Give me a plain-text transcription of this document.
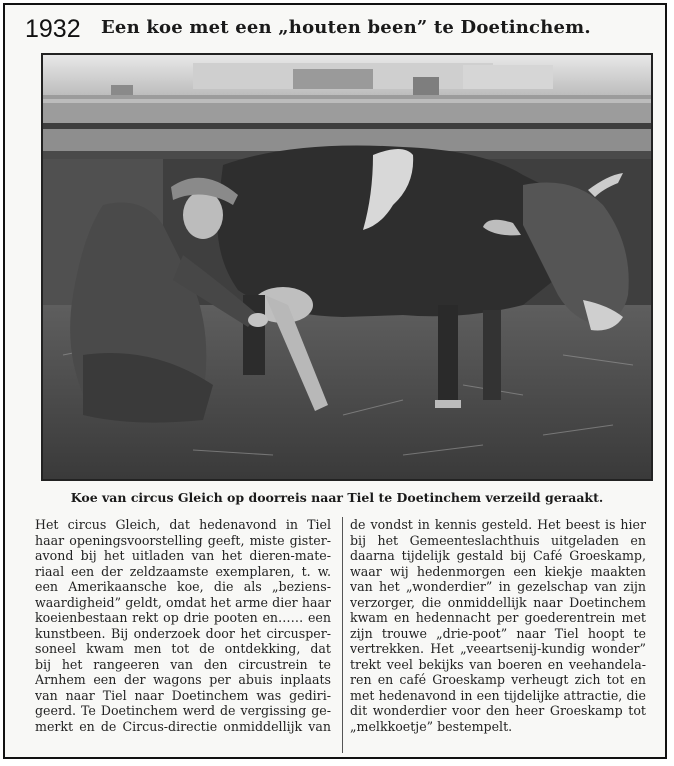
1932 Een koe met een „houten been” te Doetinchem.
Koe van circus Gleich op doorreis naar Tiel te Doetinchem verzeild geraakt.
Het circus Gleich, dat hedenavond in Tiel
haar openingsvoorstelling geeft, miste gister-
avond bij het uitladen van het dieren-mate-
riaal een der zeldzaamste exemplaren, t. w.
een Amerikaansche koe, die als „beziens-
waardigheid” geldt, omdat het arme dier haar
koeienbestaan rekt op drie pooten en…… een
kunstbeen. Bij onderzoek door het circusper-
soneel kwam men tot de ontdekking, dat
bij het rangeeren van den circustrein te
Arnhem een der wagons per abuis inplaats
van naar Tiel naar Doetinchem was gediri-
geerd. Te Doetinchem werd de vergissing ge-
merkt en de Circus-directie onmiddellijk van
de vondst in kennis gesteld. Het beest is hier
bij het Gemeenteslachthuis uitgeladen en
daarna tijdelijk gestald bij Café Groeskamp,
waar wij hedenmorgen een kiekje maakten
van het „wonderdier” in gezelschap van zijn
verzorger, die onmiddellijk naar Doetinchem
kwam en hedennacht per goederentrein met
zijn trouwe „drie-poot” naar Tiel hoopt te
vertrekken. Het „veeartsenij-kundig wonder”
trekt veel bekijks van boeren en veehandela-
ren en café Groeskamp verheugt zich tot en
met hedenavond in een tijdelijke attractie, die
dit wonderdier voor den heer Groeskamp tot
„melkkoetje” bestempelt.
